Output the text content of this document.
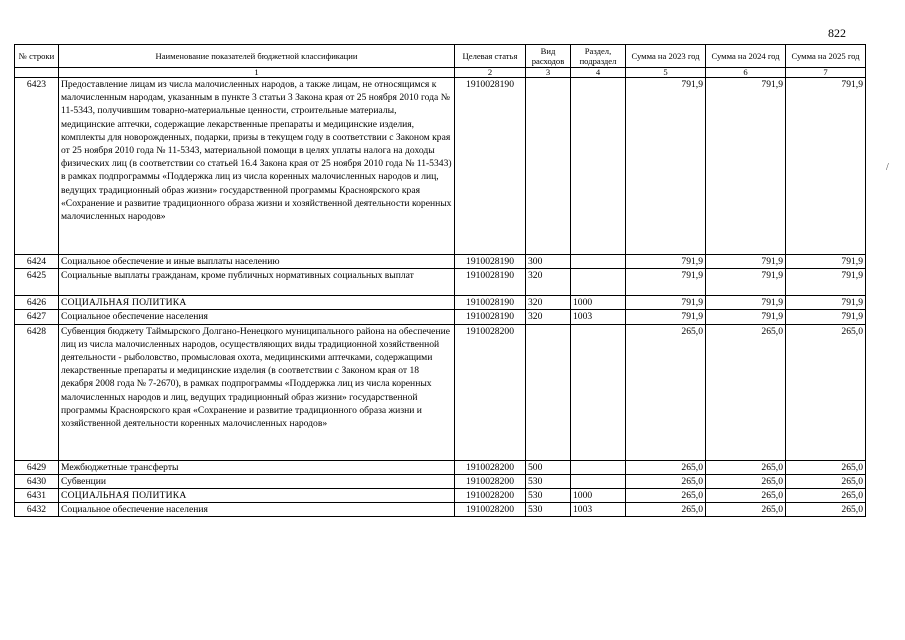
822
/
№ строки	Наименование показателей бюджетной классификации	Целевая статья	Вид расходов	Раздел, подраздел	Сумма на 2023 год	Сумма на 2024 год	Сумма на 2025 год
	1	2	3	4	5	6	7
6423	Предоставление лицам из числа малочисленных народов, а также лицам, не относящимся к малочисленным народам, указанным в пункте 3 статьи 3 Закона края от 25 ноября 2010 года № 11-5343, получившим товарно-материальные ценности, строительные материалы, медицинские аптечки, содержащие лекарственные препараты и медицинские изделия, комплекты для новорожденных, подарки, призы в текущем году в соответствии с Законом края от 25 ноября 2010 года № 11-5343, материальной помощи в целях уплаты налога на доходы физических лиц (в соответствии со статьей 16.4 Закона края от 25 ноября 2010 года № 11-5343) в рамках подпрограммы «Поддержка лиц из числа коренных малочисленных народов и лиц, ведущих традиционный образ жизни» государственной программы Красноярского края «Сохранение и развитие традиционного образа жизни и хозяйственной деятельности коренных малочисленных народов»	1910028190			791,9	791,9	791,9
6424	Социальное обеспечение и иные выплаты населению	1910028190	300		791,9	791,9	791,9
6425	Социальные выплаты гражданам, кроме публичных нормативных социальных выплат	1910028190	320		791,9	791,9	791,9
6426	СОЦИАЛЬНАЯ ПОЛИТИКА	1910028190	320	1000	791,9	791,9	791,9
6427	Социальное обеспечение населения	1910028190	320	1003	791,9	791,9	791,9
6428	Субвенция бюджету Таймырского Долгано-Ненецкого муниципального района на обеспечение лиц из числа малочисленных народов, осуществляющих виды традиционной хозяйственной деятельности - рыболовство, промысловая охота, медицинскими аптечками, содержащими лекарственные препараты и медицинские изделия (в соответствии с Законом края от 18 декабря 2008 года № 7-2670), в рамках подпрограммы «Поддержка лиц из числа коренных малочисленных народов и лиц, ведущих традиционный образ жизни» государственной программы Красноярского края «Сохранение и развитие традиционного образа жизни и хозяйственной деятельности коренных малочисленных народов»	1910028200			265,0	265,0	265,0
6429	Межбюджетные трансферты	1910028200	500		265,0	265,0	265,0
6430	Субвенции	1910028200	530		265,0	265,0	265,0
6431	СОЦИАЛЬНАЯ ПОЛИТИКА	1910028200	530	1000	265,0	265,0	265,0
6432	Социальное обеспечение населения	1910028200	530	1003	265,0	265,0	265,0
